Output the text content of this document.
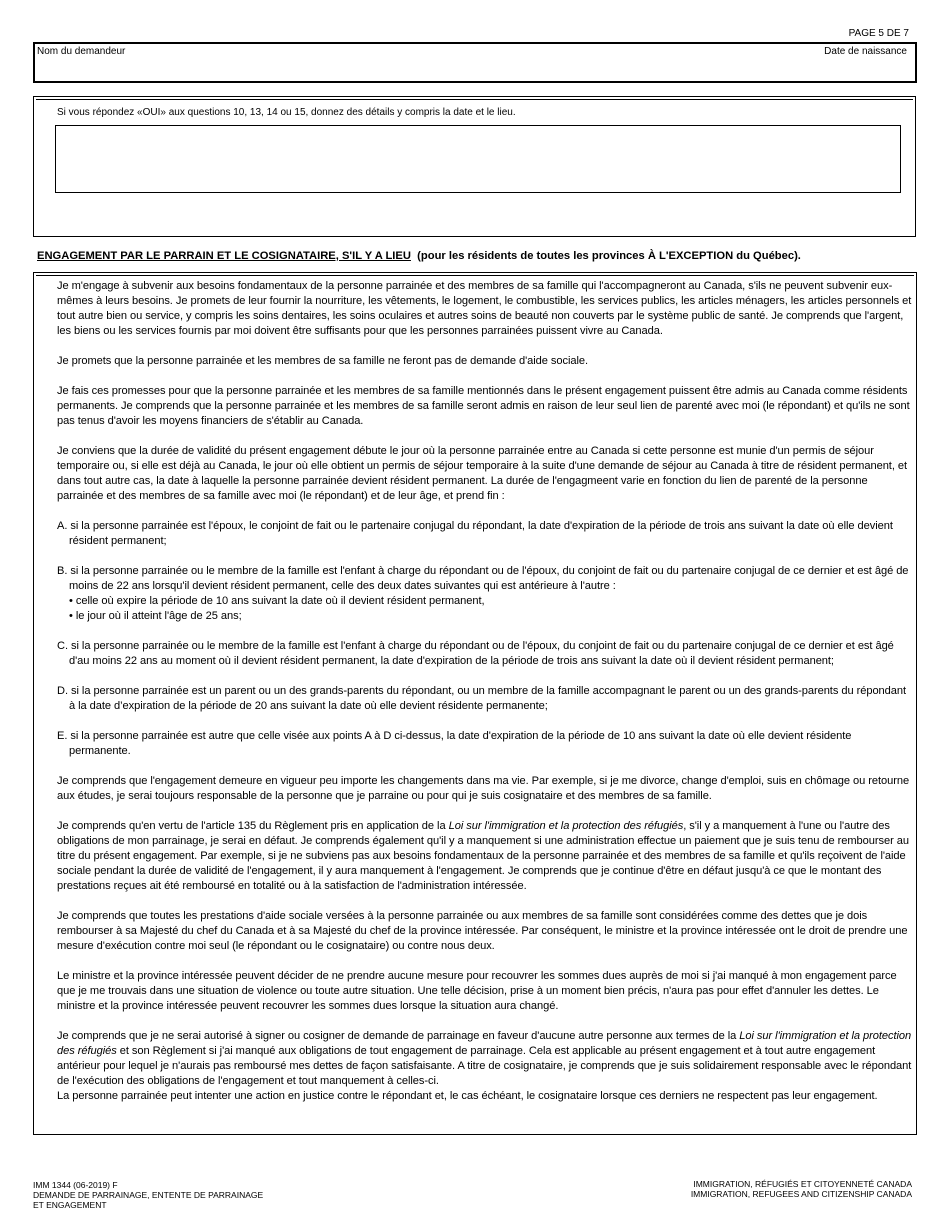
PAGE 5 DE 7
Nom du demandeur	Date de naissance
Si vous répondez «OUI» aux questions 10, 13, 14 ou 15, donnez des détails y compris la date et le lieu.
ENGAGEMENT PAR LE PARRAIN ET LE COSIGNATAIRE, S'IL Y A LIEU  (pour les résidents de toutes les provinces À L'EXCEPTION du Québec).

Je m'engage à subvenir aux besoins fondamentaux de la personne parrainée et des membres de sa famille qui l'accompagneront au Canada, s'ils ne peuvent subvenir eux-mêmes à leurs besoins. Je promets de leur fournir la nourriture, les vêtements, le logement, le combustible, les services publics, les articles ménagers, les articles personnels et tout autre bien ou service, y compris les soins dentaires, les soins oculaires et autres soins de beauté non couverts par le système public de santé. Je comprends que l'argent, les biens ou les services fournis par moi doivent être suffisants pour que les personnes parrainées puissent vivre au Canada.

Je promets que la personne parrainée et les membres de sa famille ne feront pas de demande d'aide sociale.

Je fais ces promesses pour que la personne parrainée et les membres de sa famille mentionnés dans le présent engagement puissent être admis au Canada comme résidents permanents. Je comprends que la personne parrainée et les membres de sa famille seront admis en raison de leur seul lien de parenté avec moi (le répondant) et qu'ils ne sont pas tenus d'avoir les moyens financiers de s'établir au Canada.

Je conviens que la durée de validité du présent engagement débute le jour où la personne parrainée entre au Canada si cette personne est munie d'un permis de séjour temporaire ou, si elle est déjà au Canada, le jour où elle obtient un permis de séjour temporaire à la suite d'une demande de séjour au Canada à titre de résident permanent, et dans tout autre cas, la date à laquelle la personne parrainée devient résident permanent. La durée de l'engagmeent varie en fonction du lien de parenté de la personne parrainée et des membres de sa famille avec moi (le répondant) et de leur âge, et prend fin :

A. si la personne parrainée est l'époux, le conjoint de fait ou le partenaire conjugal du répondant, la date d'expiration de la période de trois ans suivant la date où elle devient résident permanent;
B. si la personne parrainée ou le membre de la famille est l'enfant à charge du répondant ou de l'époux, du conjoint de fait ou du partenaire conjugal de ce dernier et est âgé de moins de 22 ans lorsqu'il devient résident permanent, celle des deux dates suivantes qui est antérieure à l'autre :
• celle où expire la période de 10 ans suivant la date où il devient résident permanent,
• le jour où il atteint l'âge de 25 ans;
C. si la personne parrainée ou le membre de la famille est l'enfant à charge du répondant ou de l'époux, du conjoint de fait ou du partenaire conjugal de ce dernier et est âgé d'au moins 22 ans au moment où il devient résident permanent, la date d'expiration de la période de trois ans suivant la date où il devient résident permanent;
D. si la personne parrainée est un parent ou un des grands-parents du répondant, ou un membre de la famille accompagnant le parent ou un des grands-parents du répondant à la date d’expiration de la période de 20 ans suivant la date où elle devient résidente permanente;
E. si la personne parrainée est autre que celle visée aux points A à D ci-dessus, la date d'expiration de la période de 10 ans suivant la date où elle devient résidente permanente.

Je comprends que l'engagement demeure en vigueur peu importe les changements dans ma vie. Par exemple, si je me divorce, change d'emploi, suis en chômage ou retourne aux études, je serai toujours responsable de la personne que je parraine ou pour qui je suis cosignataire et des membres de sa famille.

Je comprends qu'en vertu de l'article 135 du Règlement pris en application de la Loi sur l'immigration et la protection des réfugiés, s'il y a manquement à l'une ou l'autre des obligations de mon parrainage, je serai en défaut. Je comprends également qu'il y a manquement si une administration effectue un paiement que je suis tenu de rembourser au titre du présent engagement. Par exemple, si je ne subviens pas aux besoins fondamentaux de la personne parrainée et des membres de sa famille et qu'ils reçoivent de l'aide sociale pendant la durée de validité de l'engagement, il y aura manquement à l'engagement. Je comprends que je continue d'être en défaut jusqu'à ce que le montant des prestations reçues ait été remboursé en totalité ou à la satisfaction de l'administration intéressée.

Je comprends que toutes les prestations d'aide sociale versées à la personne parrainée ou aux membres de sa famille sont considérées comme des dettes que je dois rembourser à sa Majesté du chef du Canada et à sa Majesté du chef de la province intéressée. Par conséquent, le ministre et la province intéressée ont le droit de prendre une mesure d'exécution contre moi seul (le répondant ou le cosignataire) ou contre nous deux.

Le ministre et la province intéressée peuvent décider de ne prendre aucune mesure pour recouvrer les sommes dues auprès de moi si j'ai manqué à mon engagement parce que je me trouvais dans une situation de violence ou toute autre situation. Une telle décision, prise à un moment bien précis, n'aura pas pour effet d'annuler les dettes. Le ministre et la province intéressée peuvent recouvrer les sommes dues lorsque la situation aura changé.

Je comprends que je ne serai autorisé à signer ou cosigner de demande de parrainage en faveur d'aucune autre personne aux termes de la Loi sur l'immigration et la protection des réfugiés et son Règlement si j'ai manqué aux obligations de tout engagement de parrainage. Cela est applicable au présent engagement et à tout autre engagement antérieur pour lequel je n'aurais pas remboursé mes dettes de façon satisfaisante. A titre de cosignataire, je comprends que je suis solidairement responsable avec le répondant de l'exécution des obligations de l'engagement et tout manquement à celles-ci.

La personne parrainée peut intenter une action en justice contre le répondant et, le cas échéant, le cosignataire lorsque ces derniers ne respectent pas leur engagement.

IMM 1344 (06-2019) F
DEMANDE DE PARRAINAGE, ENTENTE DE PARRAINAGE
ET ENGAGEMENT
IMMIGRATION, RÉFUGIÉS ET CITOYENNETÉ CANADA
IMMIGRATION, REFUGEES AND CITIZENSHIP CANADA
